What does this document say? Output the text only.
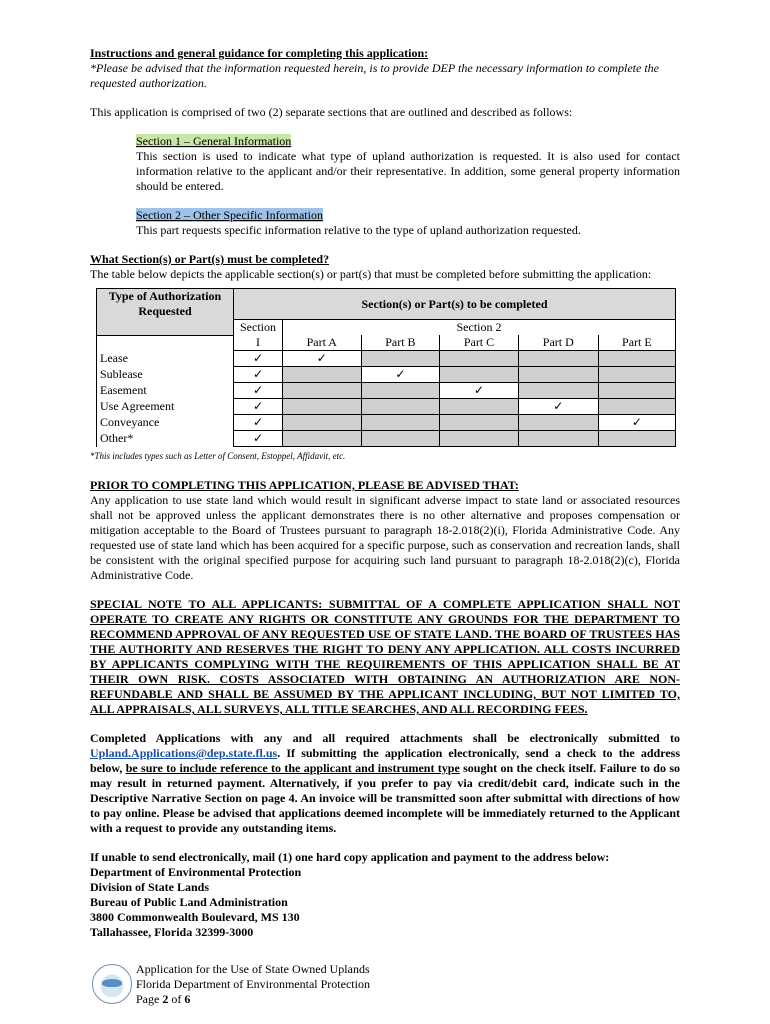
Instructions and general guidance for completing this application:

*Please be advised that the information requested herein, is to provide DEP the necessary information to complete the requested authorization.

This application is comprised of two (2) separate sections that are outlined and described as follows:

Section 1 – General Information

This section is used to indicate what type of upland authorization is requested. It is also used for contact information relative to the applicant and/or their representative. In addition, some general property information should be entered.

Section 2 – Other Specific Information

This part requests specific information relative to the type of upland authorization requested.

What Section(s) or Part(s) must be completed?

The table below depicts the applicable section(s) or part(s) that must be completed before submitting the application:

Type of Authorization Requested	Section(s) or Part(s) to be completed					
	Section I	Section 2				
		Part A	Part B	Part C	Part D	Part E
Lease	✓	✓				
Sublease	✓		✓			
Easement	✓			✓		
Use Agreement	✓				✓	
Conveyance	✓					✓
Other*	✓					

*This includes types such as Letter of Consent, Estoppel, Affidavit, etc.

PRIOR TO COMPLETING THIS APPLICATION, PLEASE BE ADVISED THAT:

Any application to use state land which would result in significant adverse impact to state land or associated resources shall not be approved unless the applicant demonstrates there is no other alternative and proposes compensation or mitigation acceptable to the Board of Trustees pursuant to paragraph 18-2.018(2)(i), Florida Administrative Code. Any requested use of state land which has been acquired for a specific purpose, such as conservation and recreation lands, shall be consistent with the original specified purpose for acquiring such land pursuant to paragraph 18-2.018(2)(c), Florida Administrative Code.

SPECIAL NOTE TO ALL APPLICANTS: SUBMITTAL OF A COMPLETE APPLICATION SHALL NOT OPERATE TO CREATE ANY RIGHTS OR CONSTITUTE ANY GROUNDS FOR THE DEPARTMENT TO RECOMMEND APPROVAL OF ANY REQUESTED USE OF STATE LAND. THE BOARD OF TRUSTEES HAS THE AUTHORITY AND RESERVES THE RIGHT TO DENY ANY APPLICATION. ALL COSTS INCURRED BY APPLICANTS COMPLYING WITH THE REQUIREMENTS OF THIS APPLICATION SHALL BE AT THEIR OWN RISK. COSTS ASSOCIATED WITH OBTAINING AN AUTHORIZATION ARE NON-REFUNDABLE AND SHALL BE ASSUMED BY THE APPLICANT INCLUDING, BUT NOT LIMITED TO, ALL APPRAISALS, ALL SURVEYS, ALL TITLE SEARCHES, AND ALL RECORDING FEES.

Completed Applications with any and all required attachments shall be electronically submitted to Upland.Applications@dep.state.fl.us. If submitting the application electronically, send a check to the address below, be sure to include reference to the applicant and instrument type sought on the check itself. Failure to do so may result in returned payment. Alternatively, if you prefer to pay via credit/debit card, indicate such in the Descriptive Narrative Section on page 4. An invoice will be transmitted soon after submittal with directions of how to pay online. Please be advised that applications deemed incomplete will be immediately returned to the Applicant with a request to provide any outstanding items.

If unable to send electronically, mail (1) one hard copy application and payment to the address below:

Department of Environmental Protection

Division of State Lands

Bureau of Public Land Administration

3800 Commonwealth Boulevard, MS 130

Tallahassee, Florida 32399-3000

Application for the Use of State Owned Uplands

Florida Department of Environmental Protection

Page 2 of 6
